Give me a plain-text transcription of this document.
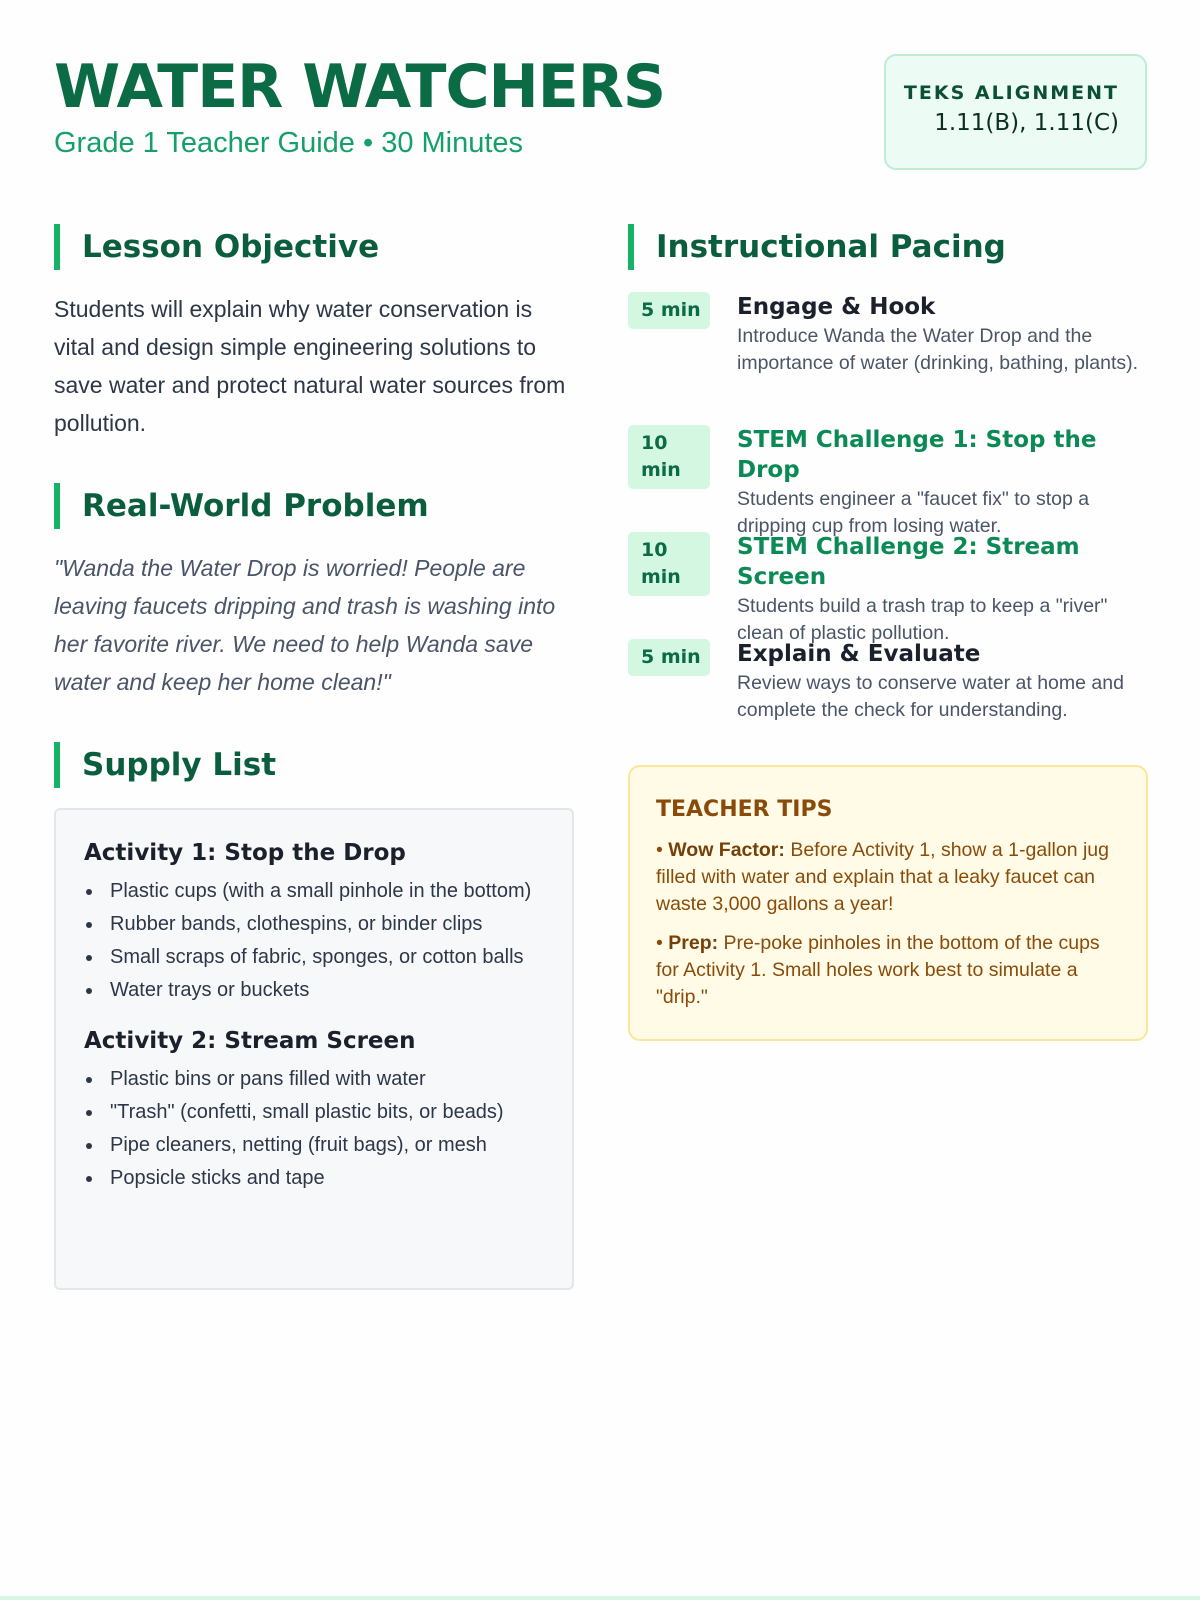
WATER WATCHERS
Grade 1 Teacher Guide • 30 Minutes
TEKS ALIGNMENT
1.11(B), 1.11(C)
Lesson Objective
Students will explain why water conservation is vital and design simple engineering solutions to save water and protect natural water sources from pollution.
Real-World Problem
"Wanda the Water Drop is worried! People are leaving faucets dripping and trash is washing into her favorite river. We need to help Wanda save water and keep her home clean!"
Supply List
Activity 1: Stop the Drop
Plastic cups (with a small pinhole in the bottom)
Rubber bands, clothespins, or binder clips
Small scraps of fabric, sponges, or cotton balls
Water trays or buckets
Activity 2: Stream Screen
Plastic bins or pans filled with water
"Trash" (confetti, small plastic bits, or beads)
Pipe cleaners, netting (fruit bags), or mesh
Popsicle sticks and tape
Instructional Pacing
5 min	Engage & Hook
Introduce Wanda the Water Drop and the importance of water (drinking, bathing, plants).
10 min
STEM Challenge 1: Stop the Drop
Students engineer a "faucet fix" to stop a dripping cup from losing water.
10 min
STEM Challenge 2: Stream Screen
Students build a trash trap to keep a "river" clean of plastic pollution.
5 min	Explain & Evaluate
Review ways to conserve water at home and complete the check for understanding.
TEACHER TIPS
• Wow Factor: Before Activity 1, show a 1-gallon jug filled with water and explain that a leaky faucet can waste 3,000 gallons a year!
• Prep: Pre-poke pinholes in the bottom of the cups for Activity 1. Small holes work best to simulate a "drip."
